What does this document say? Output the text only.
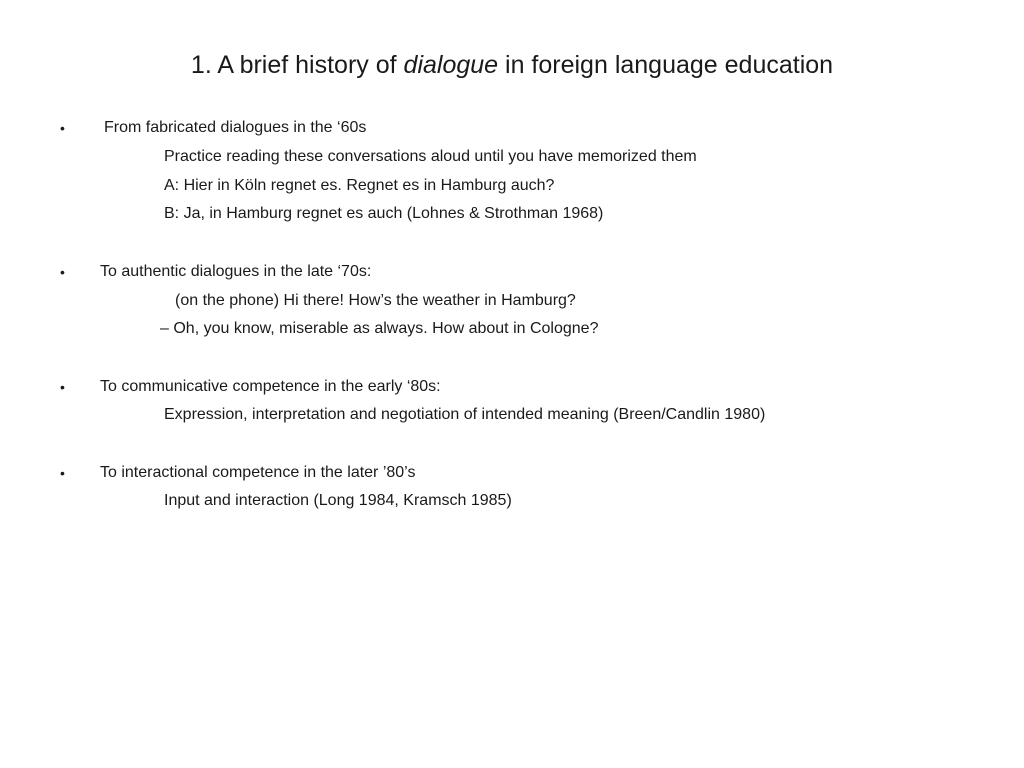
1. A brief history of dialogue in foreign language education
• From fabricated dialogues in the ‘60s
Practice reading these conversations aloud until you have memorized them
A: Hier in Köln regnet es. Regnet es in Hamburg auch?
B: Ja, in Hamburg regnet es auch (Lohnes & Strothman 1968)
• To authentic dialogues in the late ‘70s:
(on the phone) Hi there! How’s the weather in Hamburg?
– Oh, you know, miserable as always. How about in Cologne?
• To communicative competence in the early ‘80s:
Expression, interpretation and negotiation of intended meaning (Breen/Candlin 1980)
• To interactional competence in the later ’80’s
Input and interaction (Long 1984, Kramsch 1985)
